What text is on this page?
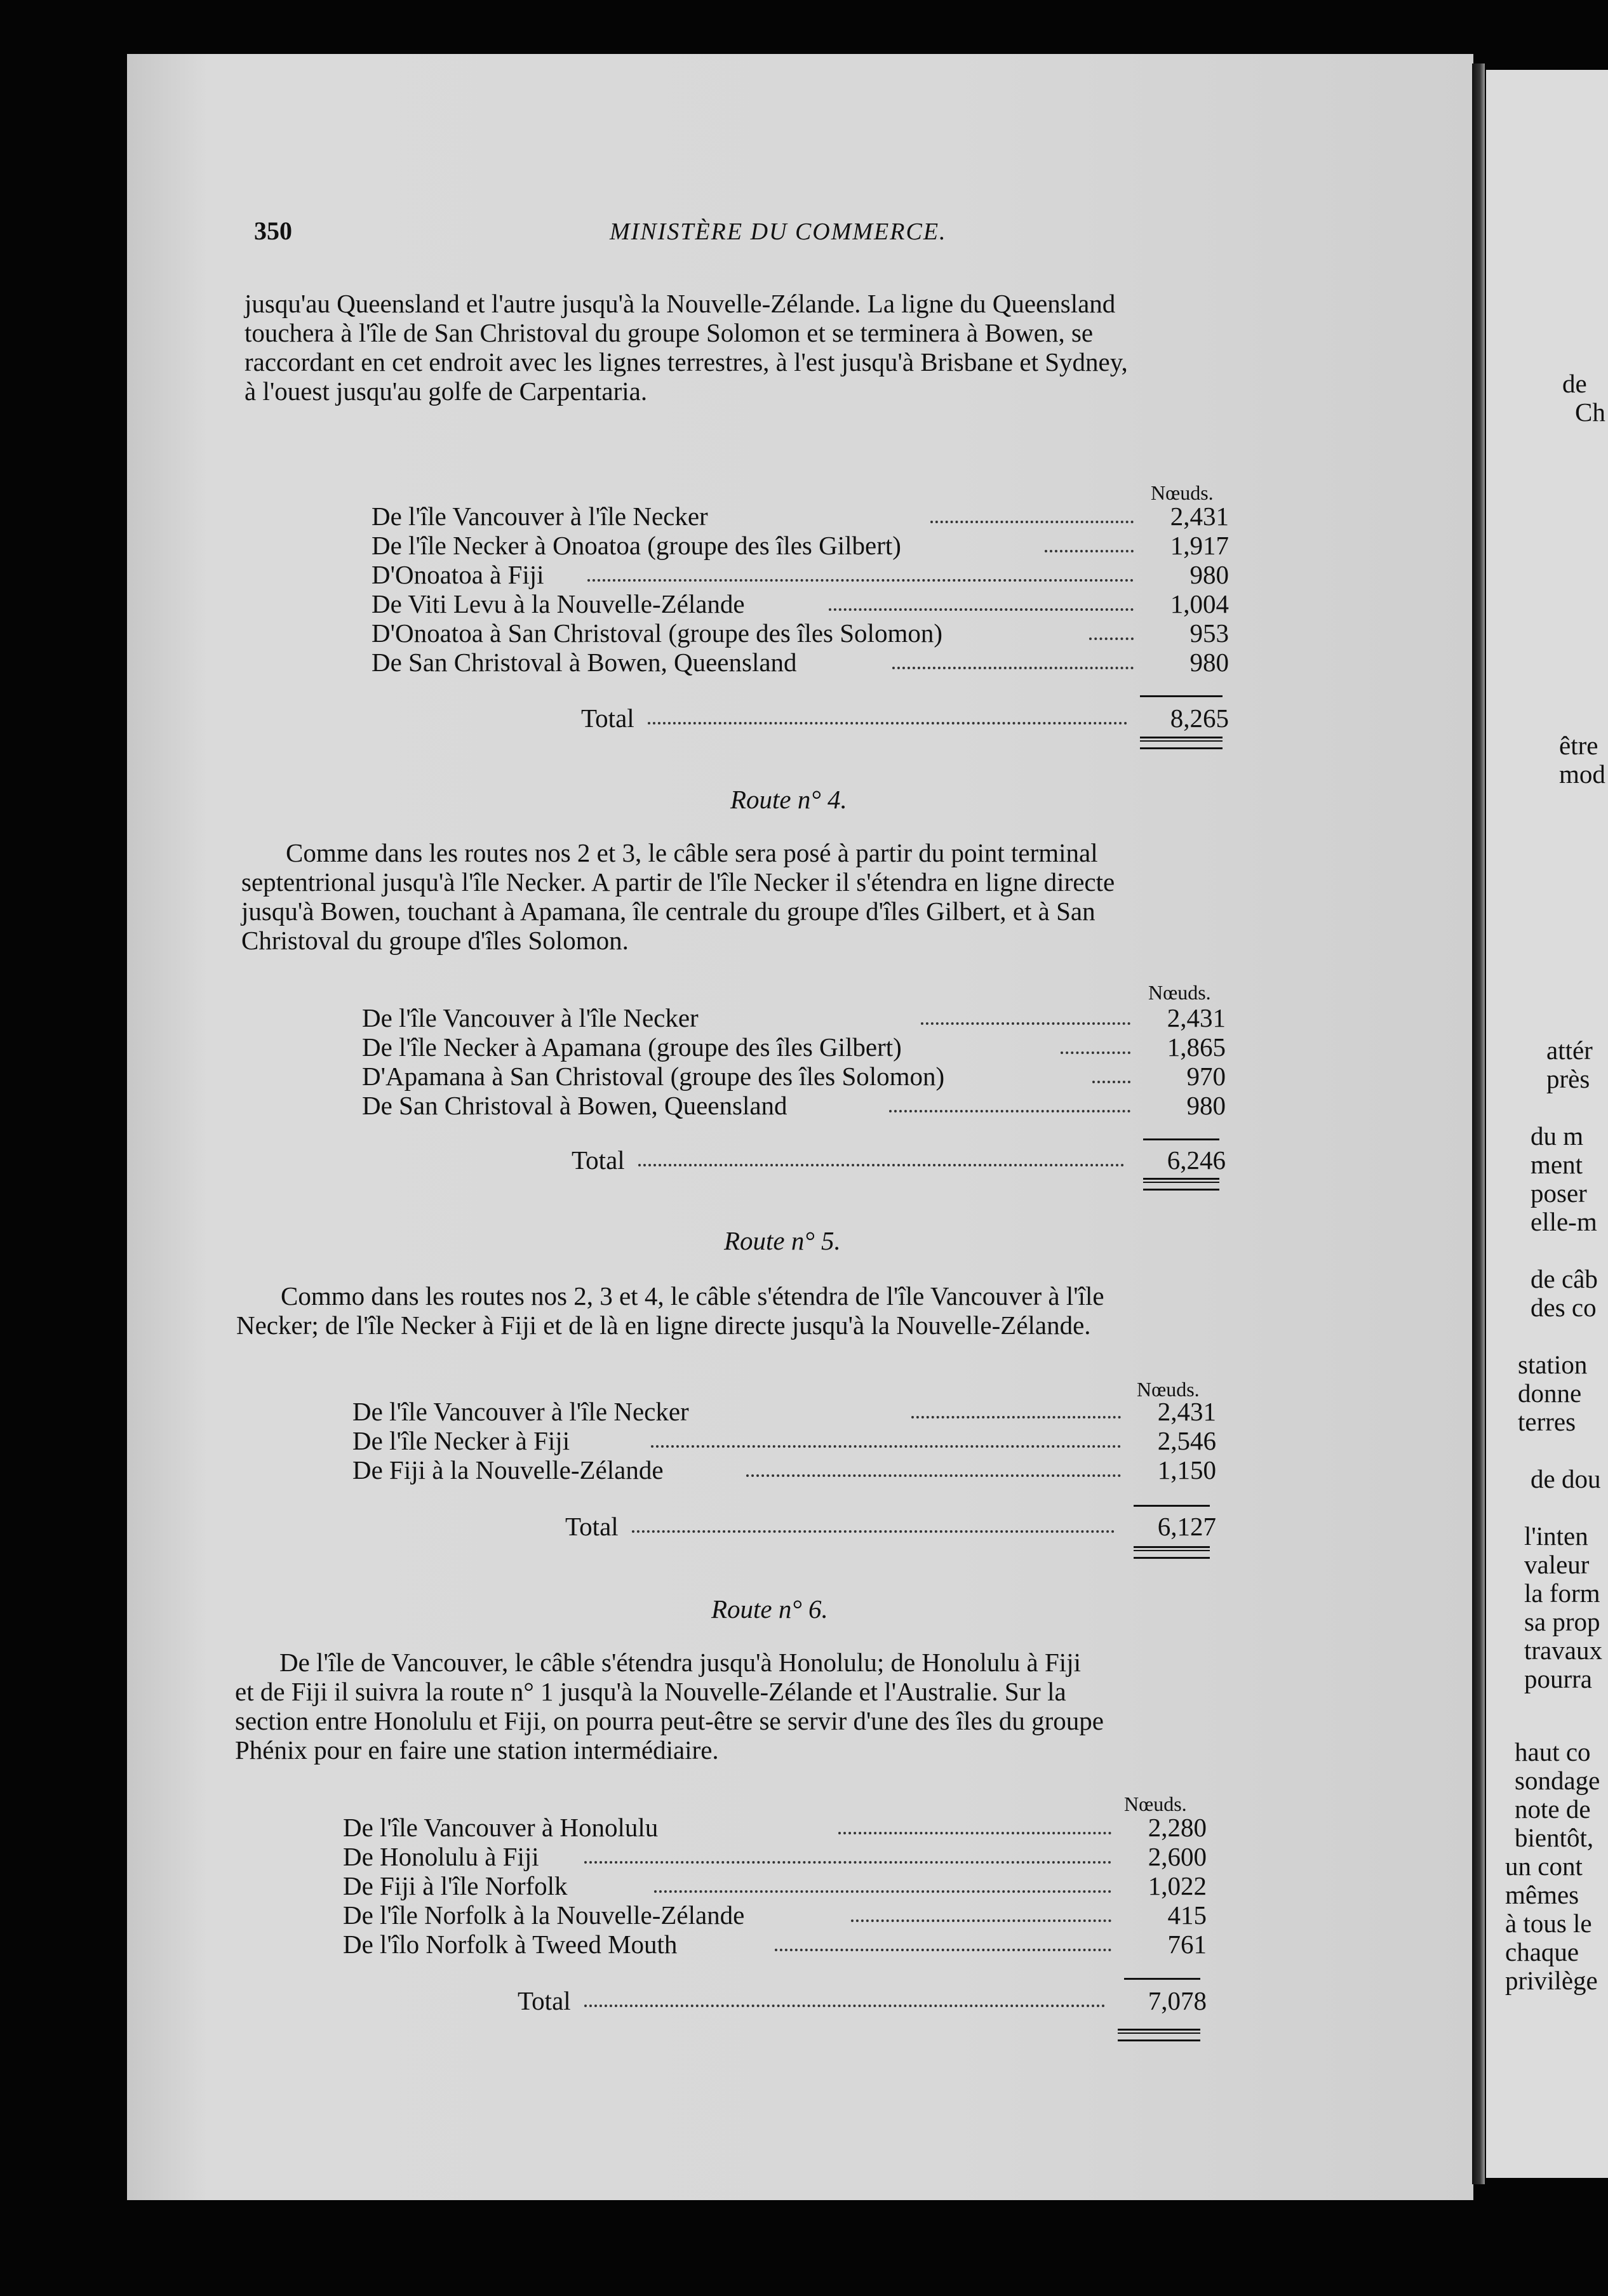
350	MINISTÈRE DU COMMERCE.
jusqu'au Queensland et l'autre jusqu'à la Nouvelle-Zélande. La ligne du Queensland
touchera à l'île de San Christoval du groupe Solomon et se terminera à Bowen, se
raccordant en cet endroit avec les lignes terrestres, à l'est jusqu'à Brisbane et Sydney,
à l'ouest jusqu'au golfe de Carpentaria.
Nœuds.
De l'île Vancouver à l'île Necker	2,431
De l'île Necker à Onoatoa (groupe des îles Gilbert)	1,917
D'Onoatoa à Fiji	980
De Viti Levu à la Nouvelle-Zélande	1,004
D'Onoatoa à San Christoval (groupe des îles Solomon)	953
De San Christoval à Bowen, Queensland	980
Total	8,265
Route n° 4.
Comme dans les routes nos 2 et 3, le câble sera posé à partir du point terminal
septentrional jusqu'à l'île Necker. A partir de l'île Necker il s'étendra en ligne directe
jusqu'à Bowen, touchant à Apamana, île centrale du groupe d'îles Gilbert, et à San
Christoval du groupe d'îles Solomon.
Nœuds.
De l'île Vancouver à l'île Necker	2,431
De l'île Necker à Apamana (groupe des îles Gilbert)	1,865
D'Apamana à San Christoval (groupe des îles Solomon)	970
De San Christoval à Bowen, Queensland	980
Total	6,246
Route n° 5.
Commo dans les routes nos 2, 3 et 4, le câble s'étendra de l'île Vancouver à l'île
Necker; de l'île Necker à Fiji et de là en ligne directe jusqu'à la Nouvelle-Zélande.
Nœuds.
De l'île Vancouver à l'île Necker	2,431
De l'île Necker à Fiji	2,546
De Fiji à la Nouvelle-Zélande	1,150
Total	6,127
Route n° 6.
De l'île de Vancouver, le câble s'étendra jusqu'à Honolulu; de Honolulu à Fiji
et de Fiji il suivra la route n° 1 jusqu'à la Nouvelle-Zélande et l'Australie. Sur la
section entre Honolulu et Fiji, on pourra peut-être se servir d'une des îles du groupe
Phénix pour en faire une station intermédiaire.
Nœuds.
De l'île Vancouver à Honolulu	2,280
De Honolulu à Fiji	2,600
De Fiji à l'île Norfolk	1,022
De l'île Norfolk à la Nouvelle-Zélande	415
De l'îlo Norfolk à Tweed Mouth	761
Total	7,078
de
Ch
être
mod
attér
près
du m
ment
poser
elle-m
de câb
des co
station
donne
terres
de dou
l'inten
valeur
la form
sa prop
travaux
pourra
haut co
sondage
note de
bientôt,
un cont
mêmes
à tous le
chaque
privilège
